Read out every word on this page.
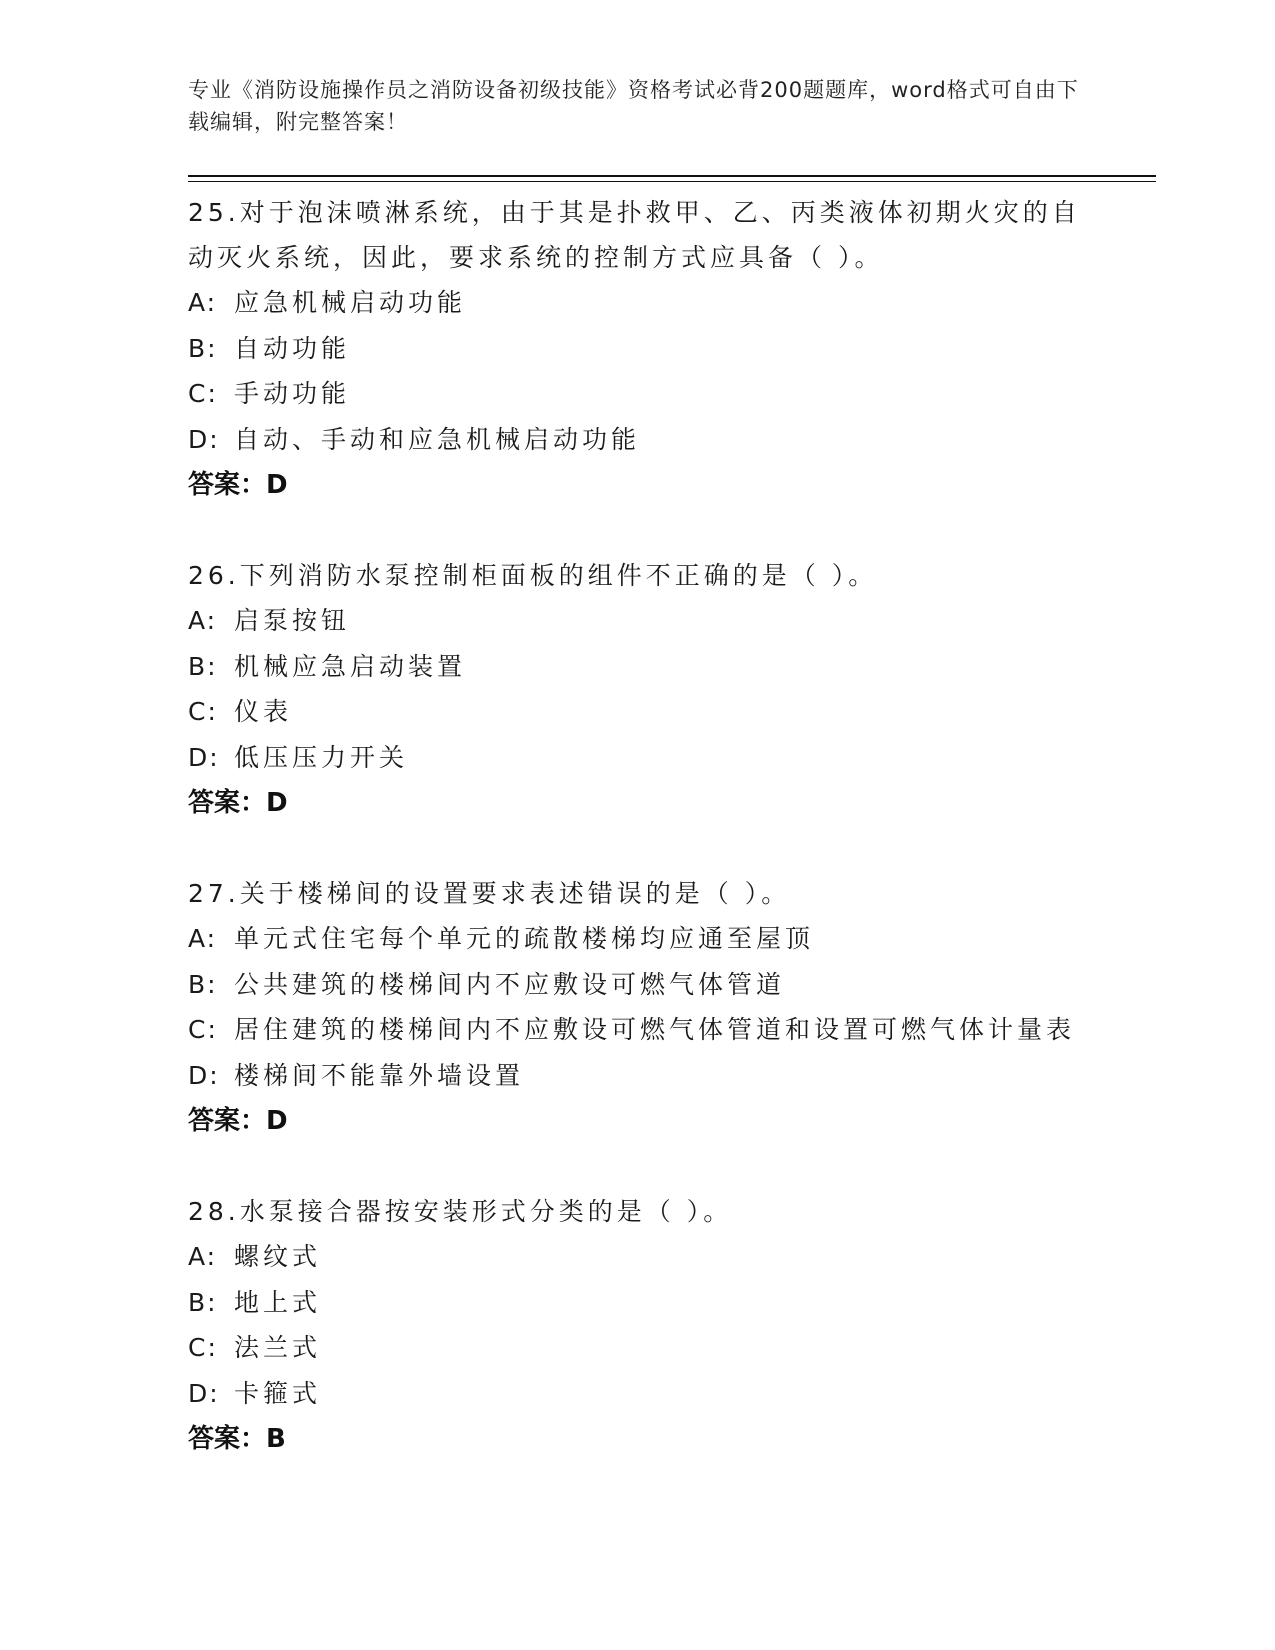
专业《消防设施操作员之消防设备初级技能》资格考试必背200题题库，word格式可自由下载编辑，附完整答案！
25.对于泡沫喷淋系统，由于其是扑救甲、乙、丙类液体初期火灾的自动灭火系统，因此，要求系统的控制方式应具备（ ）。
A: 应急机械启动功能
B: 自动功能
C: 手动功能
D: 自动、手动和应急机械启动功能
答案：D
26.下列消防水泵控制柜面板的组件不正确的是（ ）。
A: 启泵按钮
B: 机械应急启动装置
C: 仪表
D: 低压压力开关
答案：D
27.关于楼梯间的设置要求表述错误的是（ ）。
A: 单元式住宅每个单元的疏散楼梯均应通至屋顶
B: 公共建筑的楼梯间内不应敷设可燃气体管道
C: 居住建筑的楼梯间内不应敷设可燃气体管道和设置可燃气体计量表
D: 楼梯间不能靠外墙设置
答案：D
28.水泵接合器按安装形式分类的是（ ）。
A: 螺纹式
B: 地上式
C: 法兰式
D: 卡箍式
答案：B
